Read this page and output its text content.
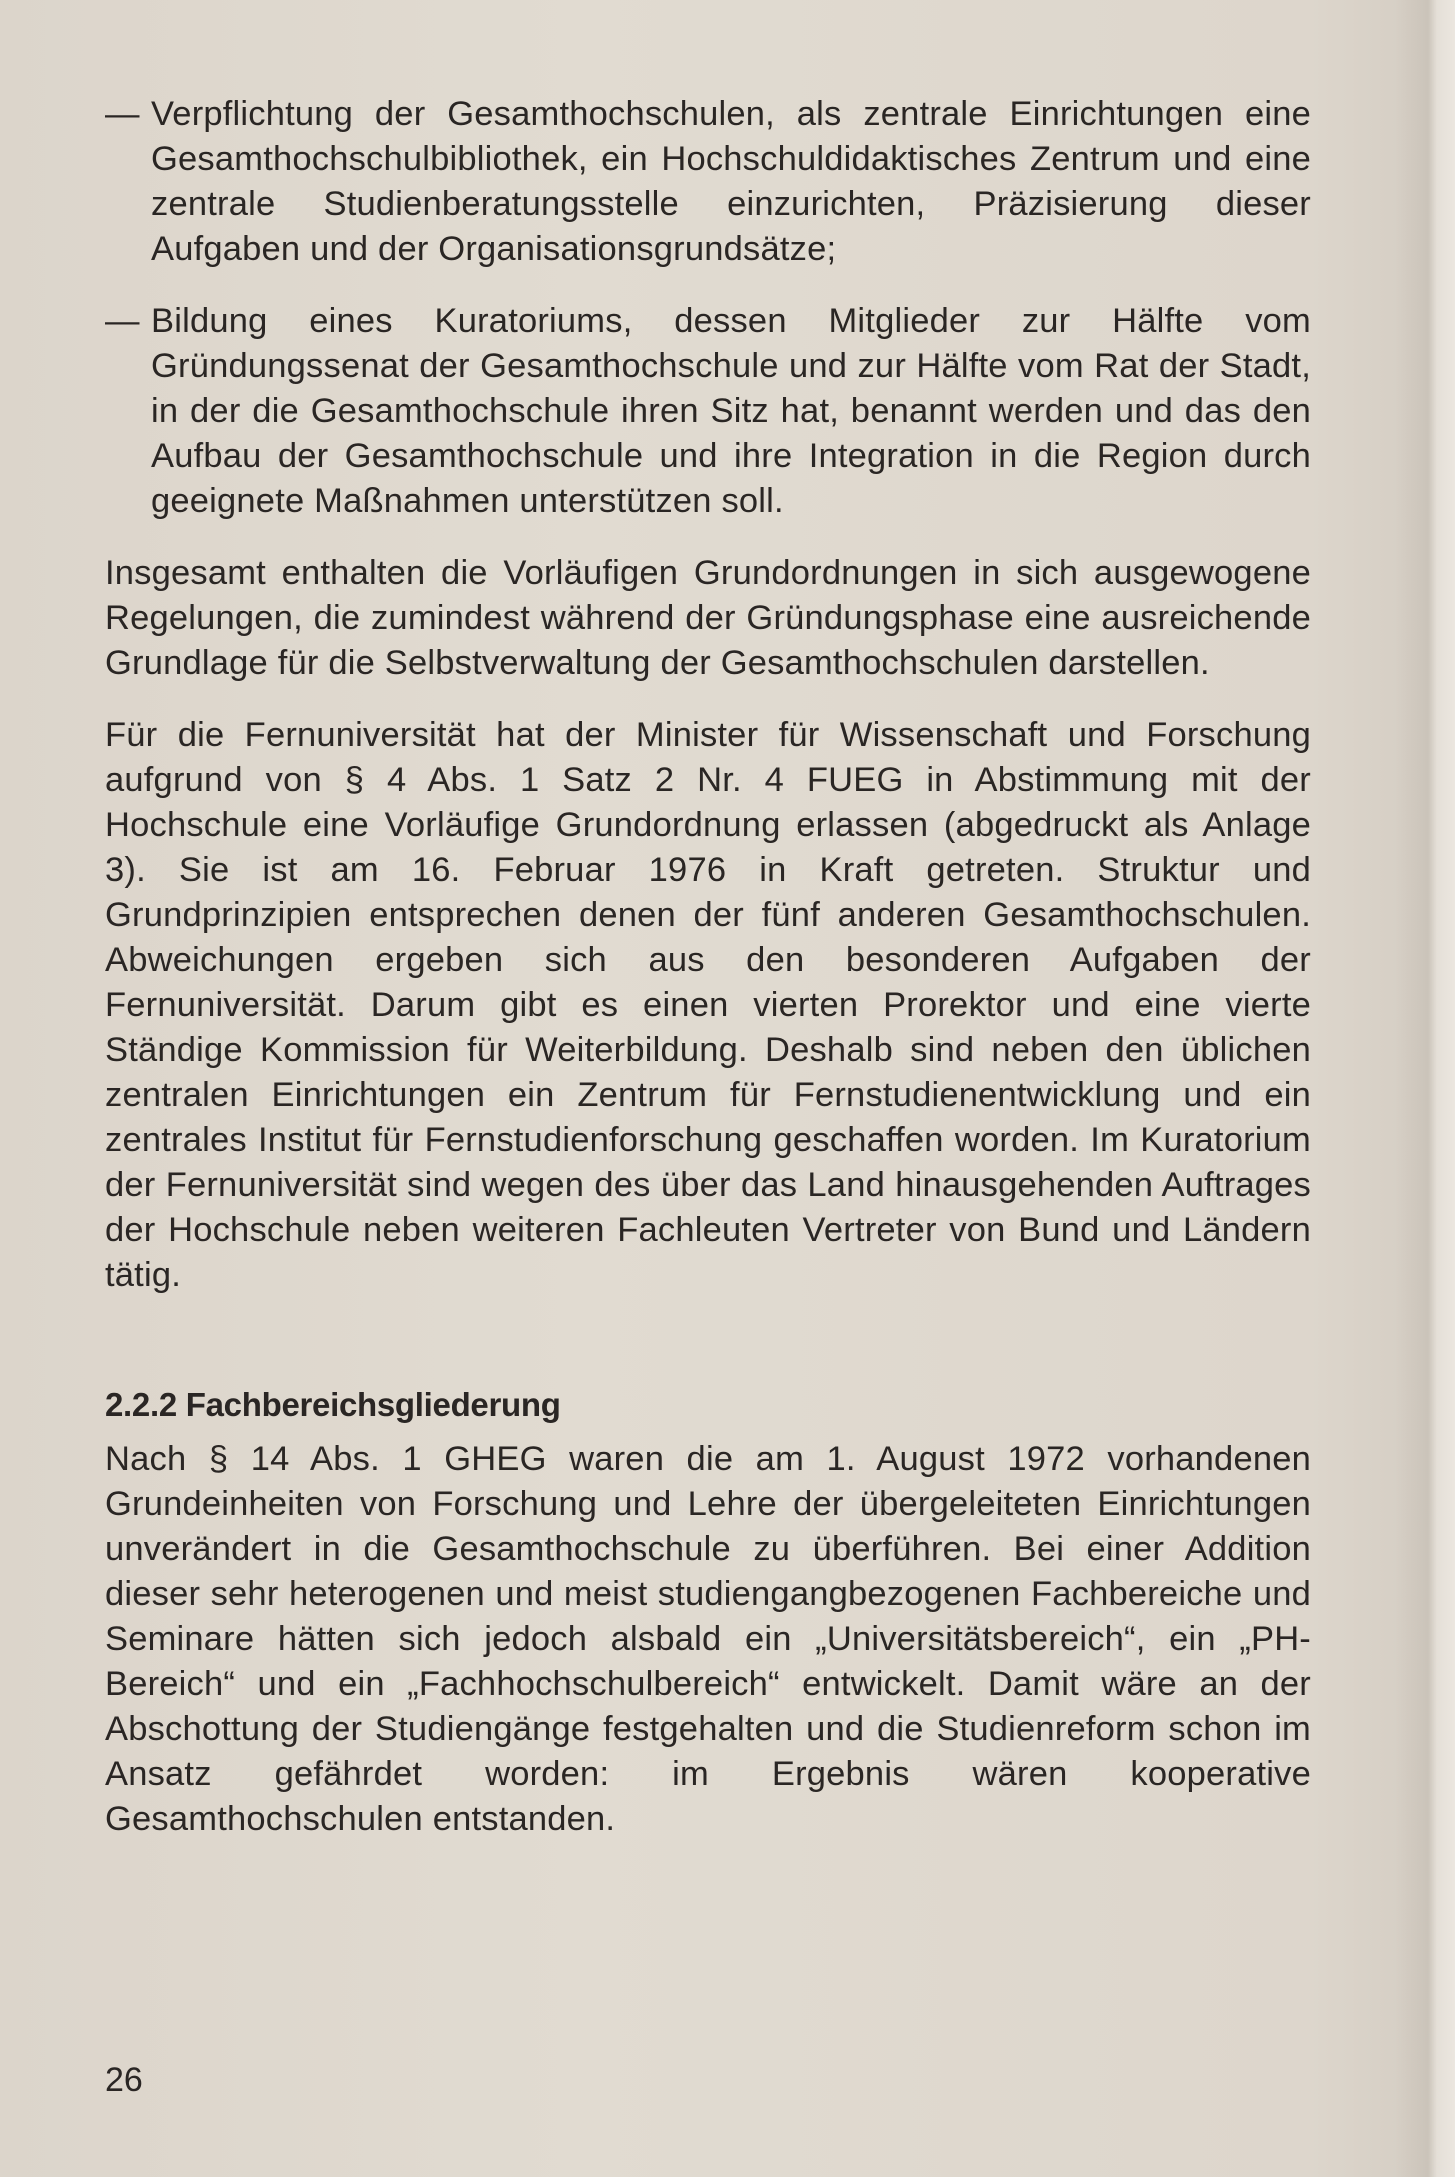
— Verpflichtung der Gesamthochschulen, als zentrale Einrichtungen eine Gesamthochschulbibliothek, ein Hochschuldidaktisches Zentrum und eine zentrale Studienberatungsstelle einzurichten, Präzisierung dieser Aufgaben und der Organisationsgrundsätze;
— Bildung eines Kuratoriums, dessen Mitglieder zur Hälfte vom Gründungssenat der Gesamthochschule und zur Hälfte vom Rat der Stadt, in der die Gesamthochschule ihren Sitz hat, benannt werden und das den Aufbau der Gesamthochschule und ihre Integration in die Region durch geeignete Maßnahmen unterstützen soll.

Insgesamt enthalten die Vorläufigen Grundordnungen in sich ausgewogene Regelungen, die zumindest während der Gründungsphase eine ausreichende Grundlage für die Selbstverwaltung der Gesamthochschulen darstellen.

Für die Fernuniversität hat der Minister für Wissenschaft und Forschung aufgrund von § 4 Abs. 1 Satz 2 Nr. 4 FUEG in Abstimmung mit der Hochschule eine Vorläufige Grundordnung erlassen (abgedruckt als Anlage 3). Sie ist am 16. Februar 1976 in Kraft getreten. Struktur und Grundprinzipien entsprechen denen der fünf anderen Gesamthochschulen. Abweichungen ergeben sich aus den besonderen Aufgaben der Fernuniversität. Darum gibt es einen vierten Prorektor und eine vierte Ständige Kommission für Weiterbildung. Deshalb sind neben den üblichen zentralen Einrichtungen ein Zentrum für Fernstudienentwicklung und ein zentrales Institut für Fernstudienforschung geschaffen worden. Im Kuratorium der Fernuniversität sind wegen des über das Land hinausgehenden Auftrages der Hochschule neben weiteren Fachleuten Vertreter von Bund und Ländern tätig.

2.2.2 Fachbereichsgliederung

Nach § 14 Abs. 1 GHEG waren die am 1. August 1972 vorhandenen Grundeinheiten von Forschung und Lehre der übergeleiteten Einrichtungen unverändert in die Gesamthochschule zu überführen. Bei einer Addition dieser sehr heterogenen und meist studiengangbezogenen Fachbereiche und Seminare hätten sich jedoch alsbald ein „Universitätsbereich“, ein „PH-Bereich“ und ein „Fachhochschulbereich“ entwickelt. Damit wäre an der Abschottung der Studiengänge festgehalten und die Studienreform schon im Ansatz gefährdet worden: im Ergebnis wären kooperative Gesamthochschulen entstanden.

26
